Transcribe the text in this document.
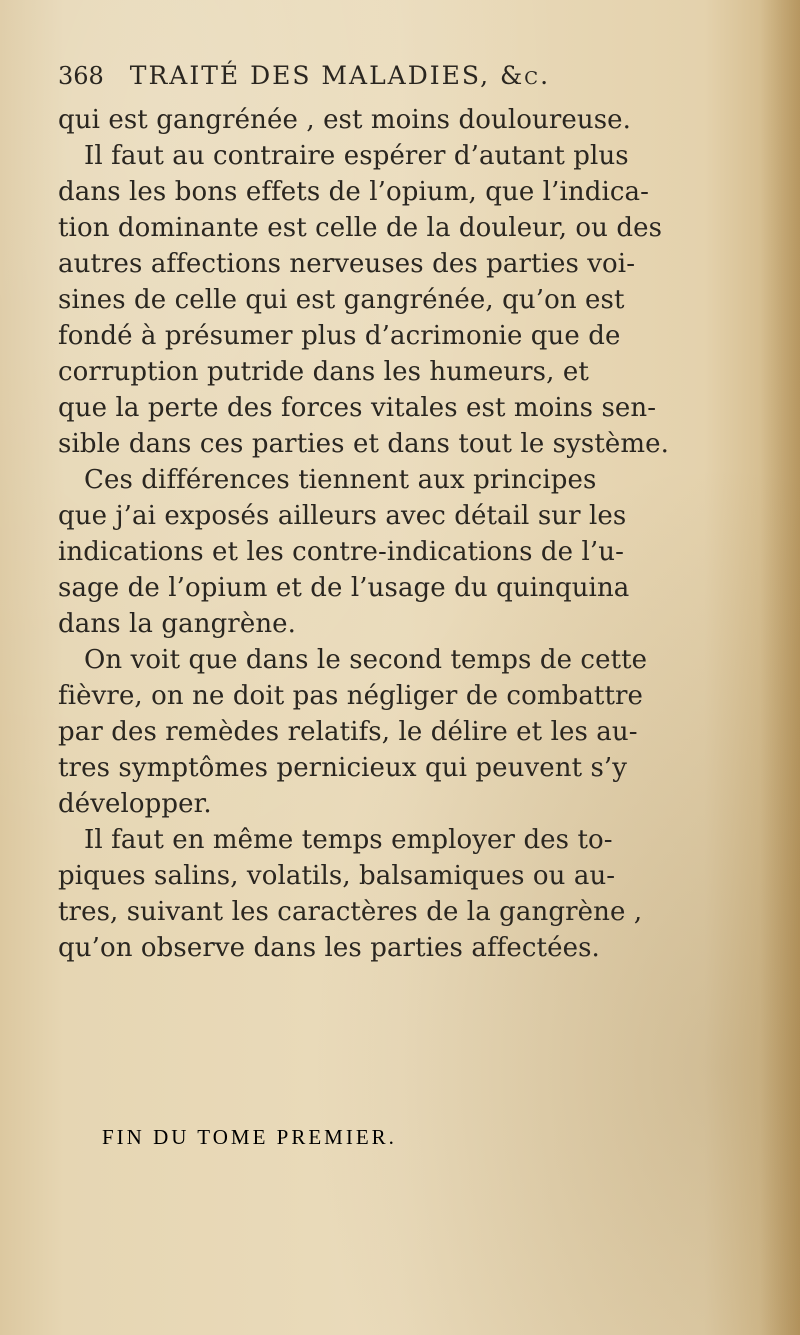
368 TRAITÉ DES MALADIES, &c.
qui est gangrénée , est moins douloureuse.
Il faut au contraire espérer d’autant plus
dans les bons effets de l’opium, que l’indica-
tion dominante est celle de la douleur, ou des
autres affections nerveuses des parties voi-
sines de celle qui est gangrénée, qu’on est
fondé à présumer plus d’acrimonie que de
corruption putride dans les humeurs, et
que la perte des forces vitales est moins sen-
sible dans ces parties et dans tout le système.
Ces différences tiennent aux principes
que j’ai exposés ailleurs avec détail sur les
indications et les contre-indications de l’u-
sage de l’opium et de l’usage du quinquina
dans la gangrène.
On voit que dans le second temps de cette
fièvre, on ne doit pas négliger de combattre
par des remèdes relatifs, le délire et les au-
tres symptômes pernicieux qui peuvent s’y
développer.
Il faut en même temps employer des to-
piques salins, volatils, balsamiques ou au-
tres, suivant les caractères de la gangrène ,
qu’on observe dans les parties affectées.
FIN DU TOME PREMIER.
